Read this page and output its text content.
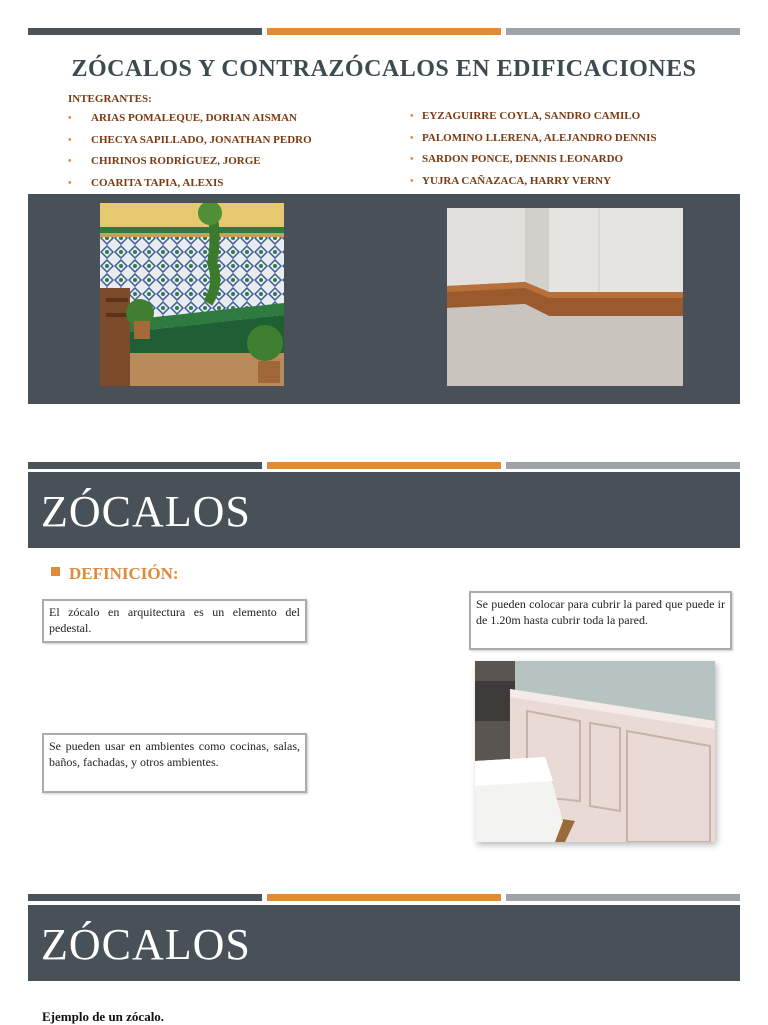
ZÓCALOS Y CONTRAZÓCALOS EN EDIFICACIONES
INTEGRANTES:
• ARIAS POMALEQUE, DORIAN AISMAN
• CHECYA SAPILLADO, JONATHAN PEDRO
• CHIRINOS RODRÍGUEZ, JORGE
• COARITA TAPIA, ALEXIS
• EYZAGUIRRE COYLA, SANDRO CAMILO
• PALOMINO LLERENA, ALEJANDRO DENNIS
• SARDON PONCE, DENNIS LEONARDO
• YUJRA CAÑAZACA, HARRY VERNY
ZÓCALOS
DEFINICIÓN:
El zócalo en arquitectura es un elemento del pedestal.
Se pueden colocar para cubrir la pared que puede ir de 1.20m hasta cubrir toda la pared.
Se pueden usar en ambientes como cocinas, salas, baños, fachadas, y otros ambientes.
ZÓCALOS
Ejemplo de un zócalo.
